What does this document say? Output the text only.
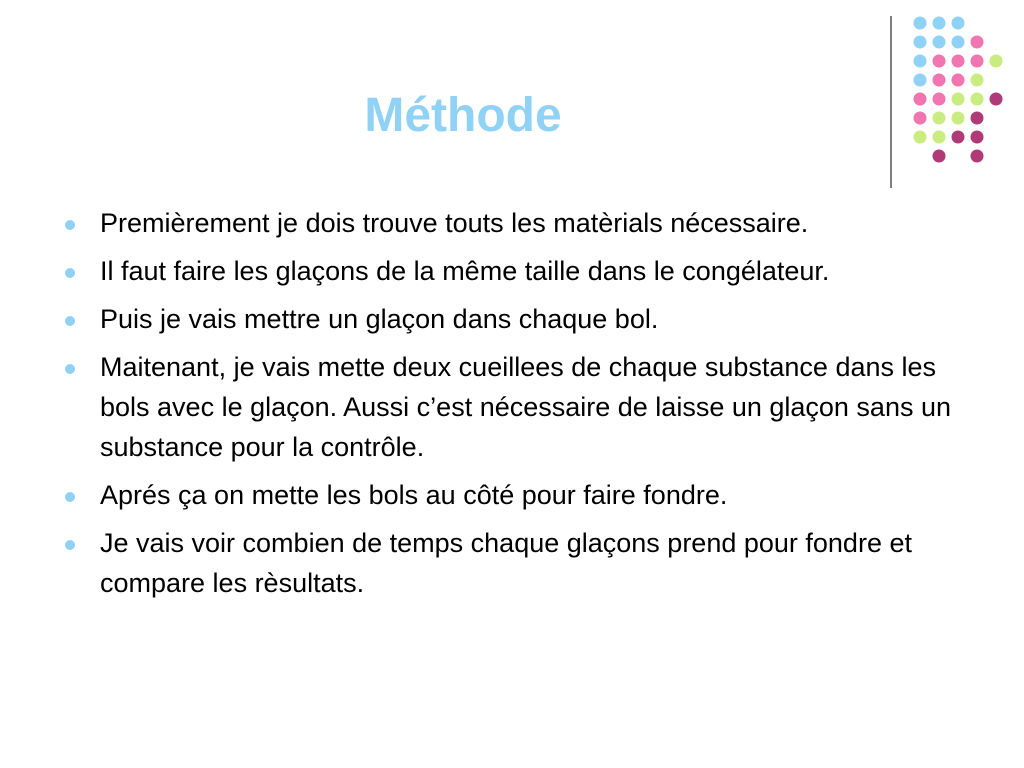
Méthode
Premièrement je dois trouve touts les matèrials nécessaire.
Il faut faire les glaçons de la même taille dans le congélateur.
Puis je vais mettre un glaçon dans chaque bol.
Maitenant, je vais mette deux cueillees de chaque substance dans les bols avec le glaçon. Aussi c’est nécessaire de laisse un glaçon sans un substance pour la contrôle.
Aprés ça on mette les bols au côté pour faire fondre.
Je vais voir combien de temps chaque glaçons prend pour fondre et compare les rèsultats.
